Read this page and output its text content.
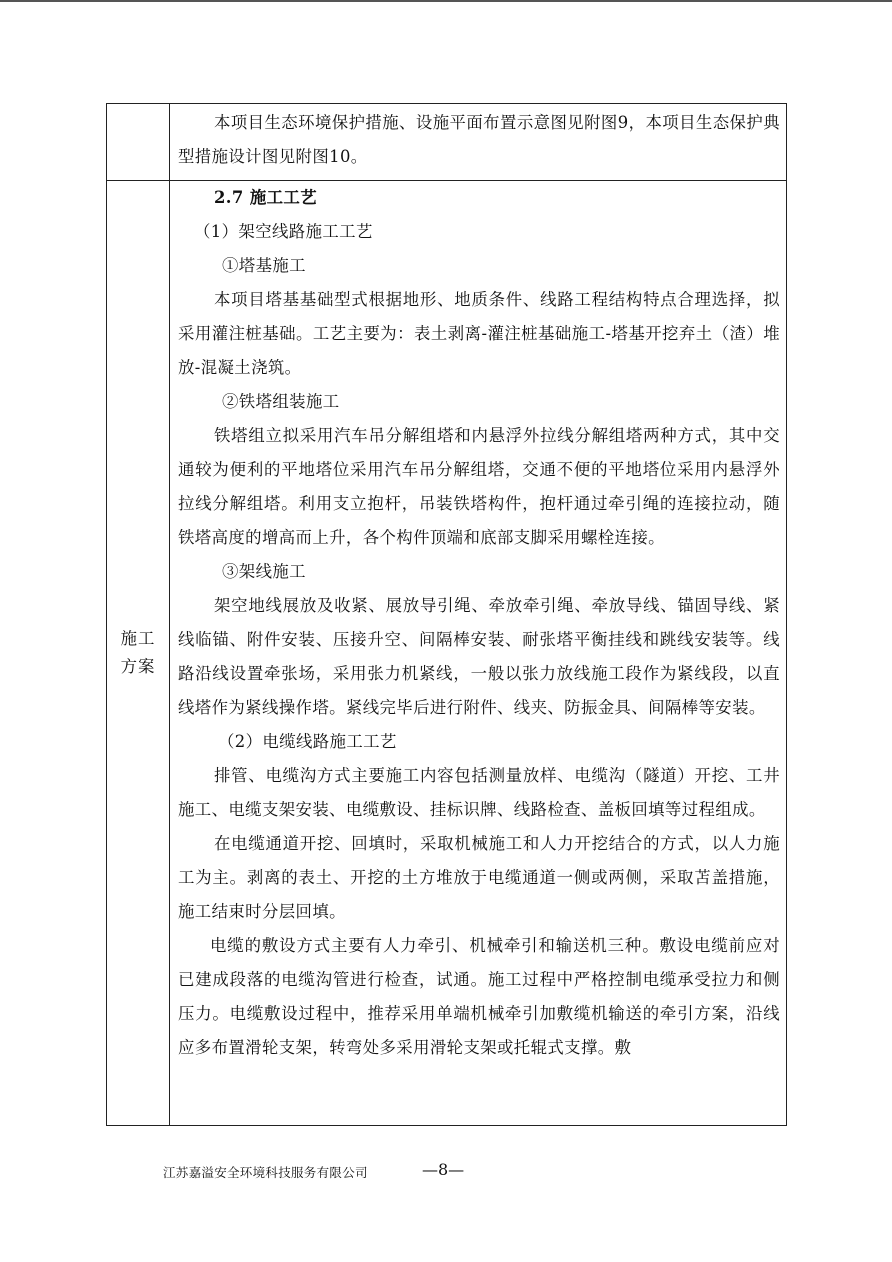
本项目生态环境保护措施、设施平面布置示意图见附图9，本项目生态保护典型措施设计图见附图10。

施工方案

2.7 施工工艺

（1）架空线路施工工艺

①塔基施工

本项目塔基基础型式根据地形、地质条件、线路工程结构特点合理选择，拟采用灌注桩基础。工艺主要为：表土剥离-灌注桩基础施工-塔基开挖弃土（渣）堆放-混凝土浇筑。

②铁塔组装施工

铁塔组立拟采用汽车吊分解组塔和内悬浮外拉线分解组塔两种方式，其中交通较为便利的平地塔位采用汽车吊分解组塔，交通不便的平地塔位采用内悬浮外拉线分解组塔。利用支立抱杆，吊装铁塔构件，抱杆通过牵引绳的连接拉动，随铁塔高度的增高而上升，各个构件顶端和底部支脚采用螺栓连接。

③架线施工

架空地线展放及收紧、展放导引绳、牵放牵引绳、牵放导线、锚固导线、紧线临锚、附件安装、压接升空、间隔棒安装、耐张塔平衡挂线和跳线安装等。线路沿线设置牵张场，采用张力机紧线，一般以张力放线施工段作为紧线段，以直线塔作为紧线操作塔。紧线完毕后进行附件、线夹、防振金具、间隔棒等安装。

（2）电缆线路施工工艺

排管、电缆沟方式主要施工内容包括测量放样、电缆沟（隧道）开挖、工井施工、电缆支架安装、电缆敷设、挂标识牌、线路检查、盖板回填等过程组成。

在电缆通道开挖、回填时，采取机械施工和人力开挖结合的方式，以人力施工为主。剥离的表土、开挖的土方堆放于电缆通道一侧或两侧，采取苫盖措施，施工结束时分层回填。

电缆的敷设方式主要有人力牵引、机械牵引和输送机三种。敷设电缆前应对已建成段落的电缆沟管进行检查，试通。施工过程中严格控制电缆承受拉力和侧压力。电缆敷设过程中，推荐采用单端机械牵引加敷缆机输送的牵引方案，沿线应多布置滑轮支架，转弯处多采用滑轮支架或托辊式支撑。敷

江苏嘉溢安全环境科技服务有限公司	—8—
